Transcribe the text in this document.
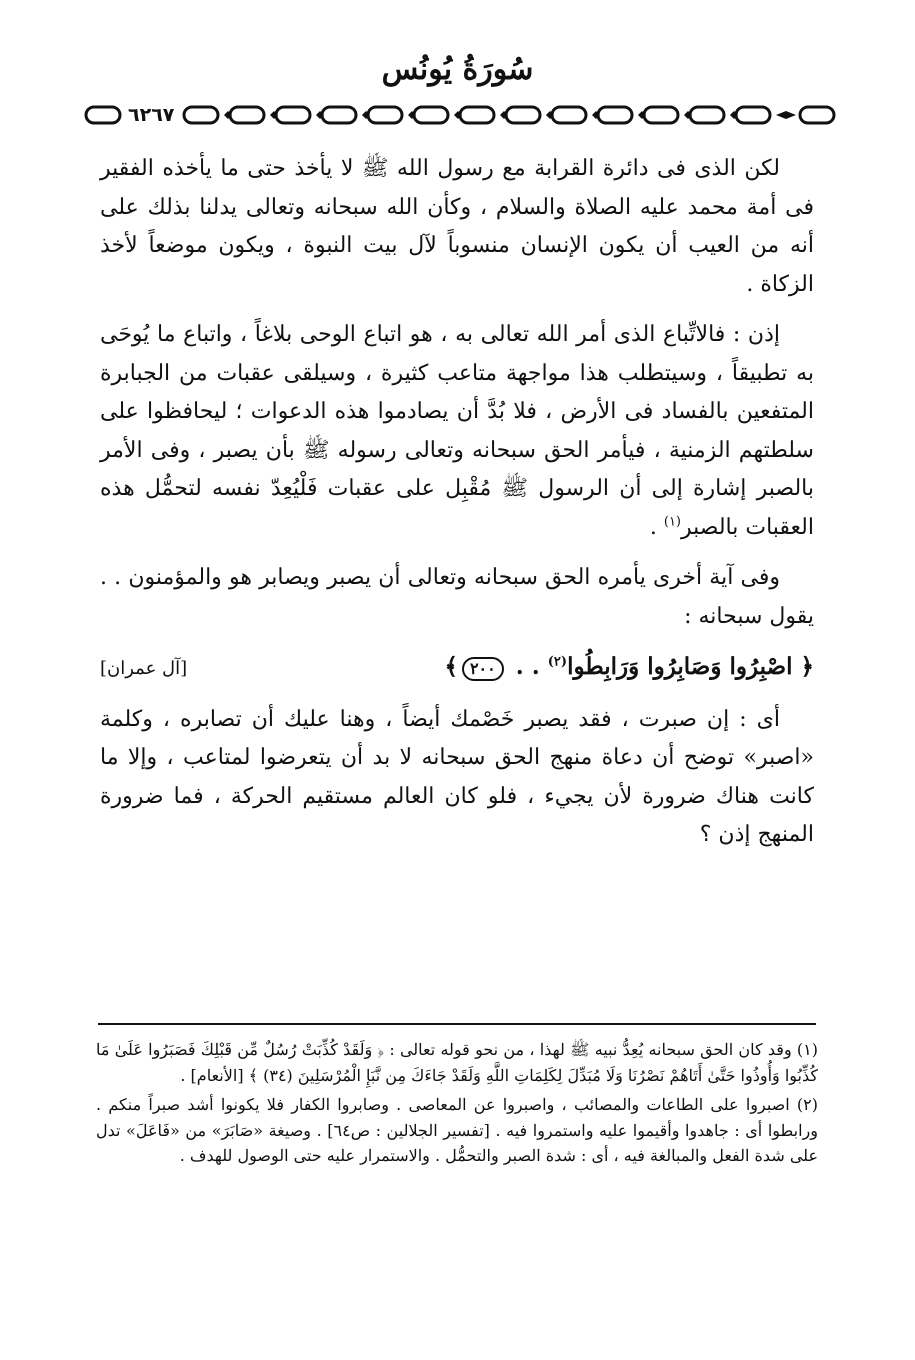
سُورَةُ يُونُس
٦٢٦٧

لكن الذى فى دائرة القرابة مع رسول الله ﷺ لا يأخذ حتى ما يأخذه الفقير فى أمة محمد عليه الصلاة والسلام ، وكأن الله سبحانه وتعالى يدلنا بذلك على أنه من العيب أن يكون الإنسان منسوباً لآل بيت النبوة ، ويكون موضعاً لأخذ الزكاة .

إذن : فالاتِّباع الذى أمر الله تعالى به ، هو اتباع الوحى بلاغاً ، واتباع ما يُوحَى به تطبيقاً ، وسيتطلب هذا مواجهة متاعب كثيرة ، وسيلقى عقبات من الجبابرة المتفعين بالفساد فى الأرض ، فلا بُدَّ أن يصادموا هذه الدعوات ؛ ليحافظوا على سلطتهم الزمنية ، فيأمر الحق سبحانه وتعالى رسوله ﷺ بأن يصبر ، وفى الأمر بالصبر إشارة إلى أن الرسول ﷺ مُقْبِل على عقبات فَلْيُعِدّ نفسه لتحمُّل هذه العقبات بالصبر$^{(١)}$ .

وفى آية أخرى يأمره الحق سبحانه وتعالى أن يصبر ويصابر هو والمؤمنون . . يقول سبحانه :

﴿ اصْبِرُوا وَصَابِرُوا وَرَابِطُوا$^{(٢)}$ . . ٢٠٠﴾
[آل عمران]

أى : إن صبرت ، فقد يصبر خَصْمك أيضاً ، وهنا عليك أن تصابره ، وكلمة «اصبر» توضح أن دعاة منهج الحق سبحانه لا بد أن يتعرضوا لمتاعب ، وإلا ما كانت هناك ضرورة لأن يجيء ، فلو كان العالم مستقيم الحركة ، فما ضرورة المنهج إذن ؟

(١) وقد كان الحق سبحانه يُعِدُّ نبيه ﷺ لهذا ، من نحو قوله تعالى : ﴿ وَلَقَدْ كُذِّبَتْ رُسُلٌ مِّن قَبْلِكَ فَصَبَرُوا عَلَىٰ مَا كُذِّبُوا وَأُوذُوا حَتَّىٰ أَتَاهُمْ نَصْرُنَا وَلَا مُبَدِّلَ لِكَلِمَاتِ اللَّهِ وَلَقَدْ جَاءَكَ مِن نَّبَإِ الْمُرْسَلِينَ (٣٤) ﴾ [الأنعام] .

(٢) اصبروا على الطاعات والمصائب ، واصبروا عن المعاصى . وصابروا الكفار فلا يكونوا أشد صبراً منكم . ورابطوا أى : جاهدوا وأقيموا عليه واستمروا فيه . [تفسير الجلالين : ص٦٤] . وصيغة «صَابَرَ» من «فَاعَلَ» تدل على شدة الفعل والمبالغة فيه ، أى : شدة الصبر والتحمُّل . والاستمرار عليه حتى الوصول للهدف .
